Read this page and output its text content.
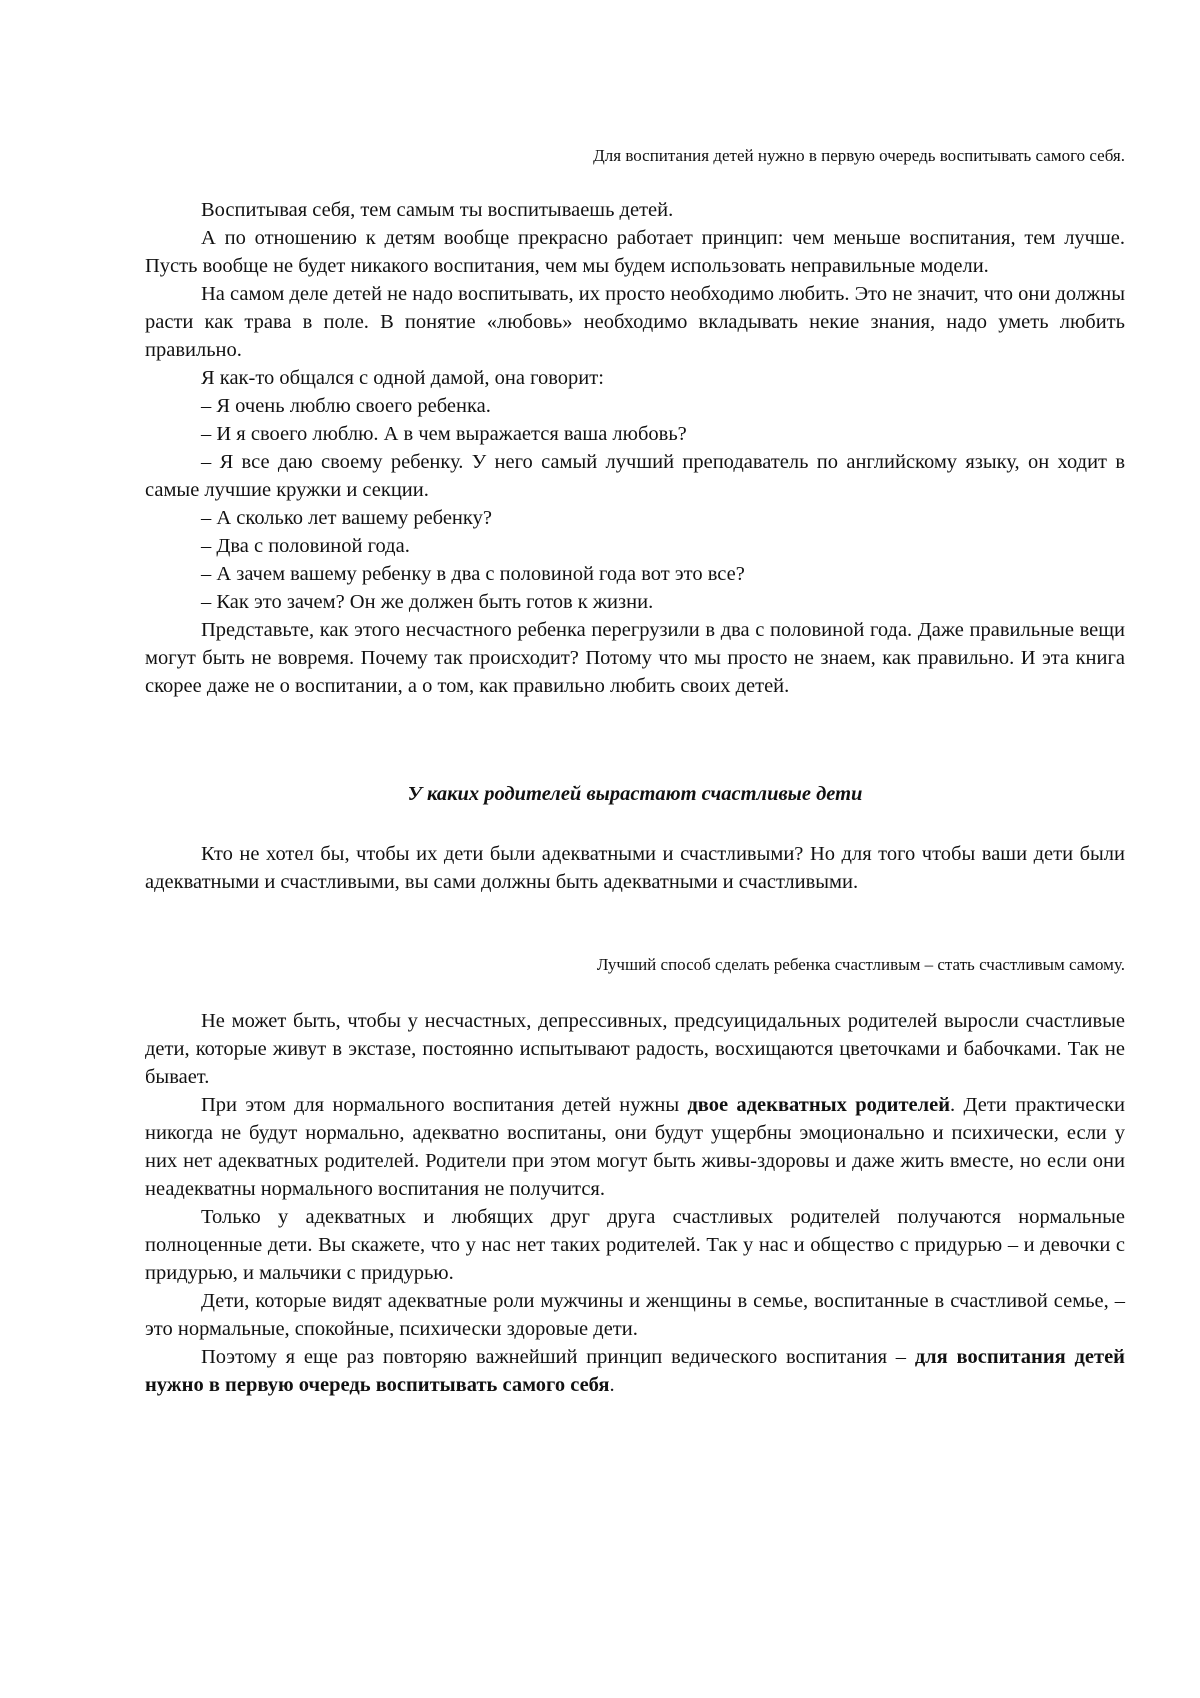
Для воспитания детей нужно в первую очередь воспитывать самого себя.

Воспитывая себя, тем самым ты воспитываешь детей.

А по отношению к детям вообще прекрасно работает принцип: чем меньше воспитания, тем лучше. Пусть вообще не будет никакого воспитания, чем мы будем использовать неправильные модели.

На самом деле детей не надо воспитывать, их просто необходимо любить. Это не значит, что они должны расти как трава в поле. В понятие «любовь» необходимо вкладывать некие знания, надо уметь любить правильно.

Я как-то общался с одной дамой, она говорит:

– Я очень люблю своего ребенка.

– И я своего люблю. А в чем выражается ваша любовь?

– Я все даю своему ребенку. У него самый лучший преподаватель по английскому языку, он ходит в самые лучшие кружки и секции.

– А сколько лет вашему ребенку?

– Два с половиной года.

– А зачем вашему ребенку в два с половиной года вот это все?

– Как это зачем? Он же должен быть готов к жизни.

Представьте, как этого несчастного ребенка перегрузили в два с половиной года. Даже правильные вещи могут быть не вовремя. Почему так происходит? Потому что мы просто не знаем, как правильно. И эта книга скорее даже не о воспитании, а о том, как правильно любить своих детей.

У каких родителей вырастают счастливые дети

Кто не хотел бы, чтобы их дети были адекватными и счастливыми? Но для того чтобы ваши дети были адекватными и счастливыми, вы сами должны быть адекватными и счастливыми.

Лучший способ сделать ребенка счастливым – стать счастливым самому.

Не может быть, чтобы у несчастных, депрессивных, предсуицидальных родителей выросли счастливые дети, которые живут в экстазе, постоянно испытывают радость, восхищаются цветочками и бабочками. Так не бывает.

При этом для нормального воспитания детей нужны двое адекватных родителей. Дети практически никогда не будут нормально, адекватно воспитаны, они будут ущербны эмоционально и психически, если у них нет адекватных родителей. Родители при этом могут быть живы-здоровы и даже жить вместе, но если они неадекватны нормального воспитания не получится.

Только у адекватных и любящих друг друга счастливых родителей получаются нормальные полноценные дети. Вы скажете, что у нас нет таких родителей. Так у нас и общество с придурью – и девочки с придурью, и мальчики с придурью.

Дети, которые видят адекватные роли мужчины и женщины в семье, воспитанные в счастливой семье, – это нормальные, спокойные, психически здоровые дети.

Поэтому я еще раз повторяю важнейший принцип ведического воспитания – для воспитания детей нужно в первую очередь воспитывать самого себя.
